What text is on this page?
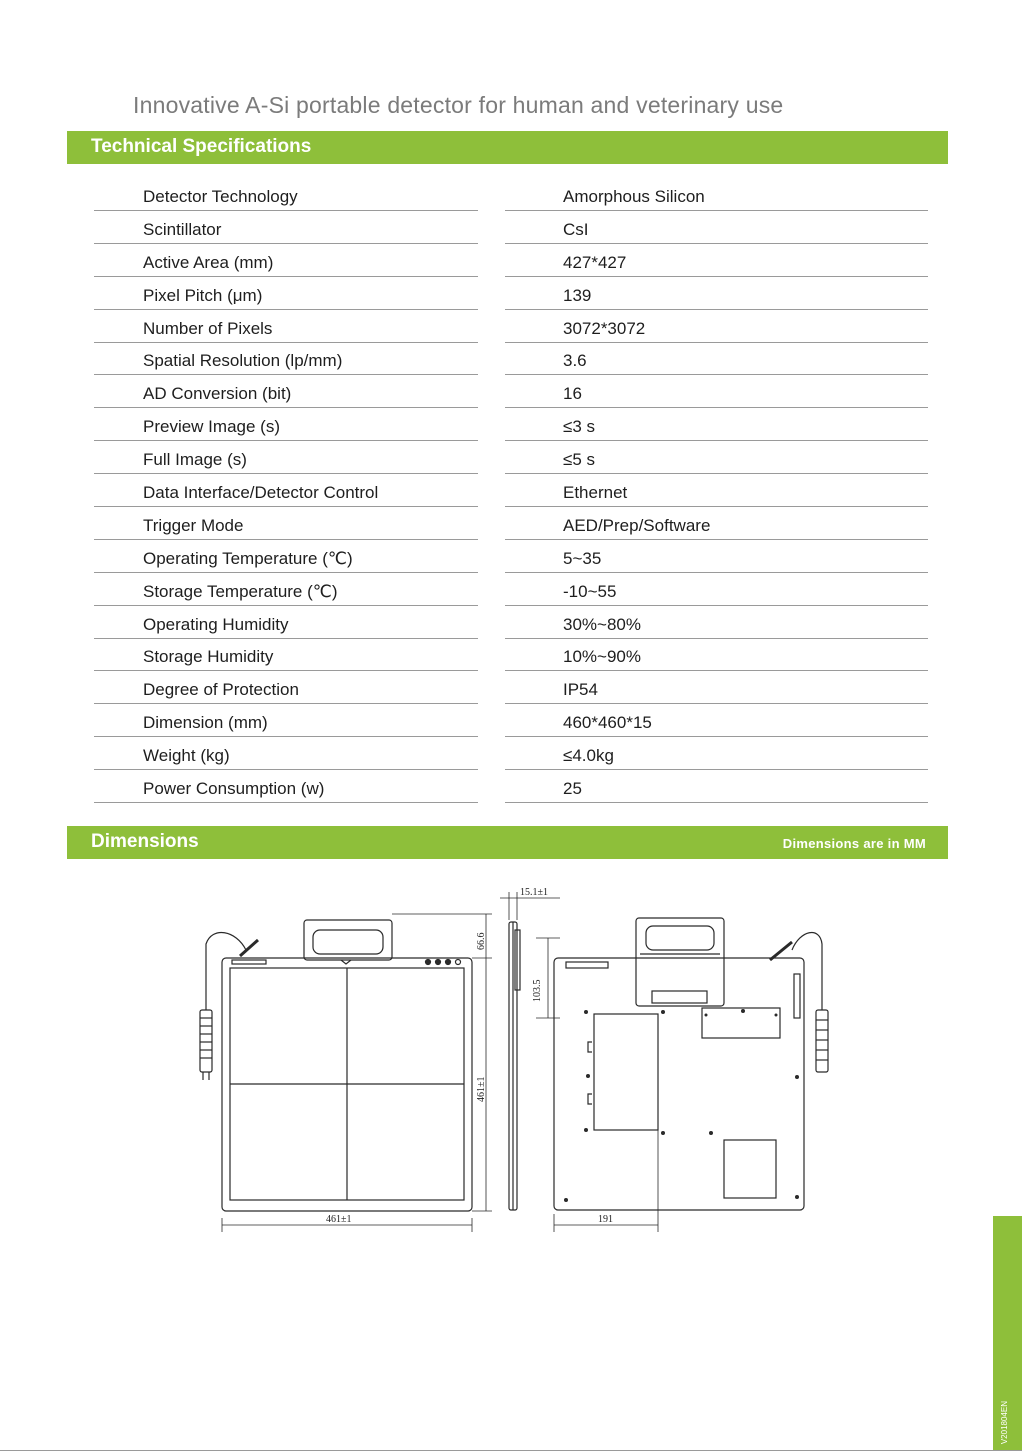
Innovative A-Si portable detector for human and veterinary use
Technical Specifications
Detector Technology	Amorphous Silicon
Scintillator	CsI
Active Area (mm)	427*427
Pixel Pitch (μm)	139
Number of Pixels	3072*3072
Spatial Resolution (lp/mm)	3.6
AD Conversion (bit)	16
Preview Image (s)	≤3 s
Full Image (s)	≤5 s
Data Interface/Detector Control	Ethernet
Trigger Mode	AED/Prep/Software
Operating Temperature (℃)	5~35
Storage Temperature (℃)	-10~55
Operating Humidity	30%~80%
Storage Humidity	10%~90%
Degree of Protection	IP54
Dimension (mm)	460*460*15
Weight (kg)	≤4.0kg
Power Consumption (w)	25
Dimensions	Dimensions are in MM
461±1
461±1
66.6
15.1±1
103.5
191
V201804EN
